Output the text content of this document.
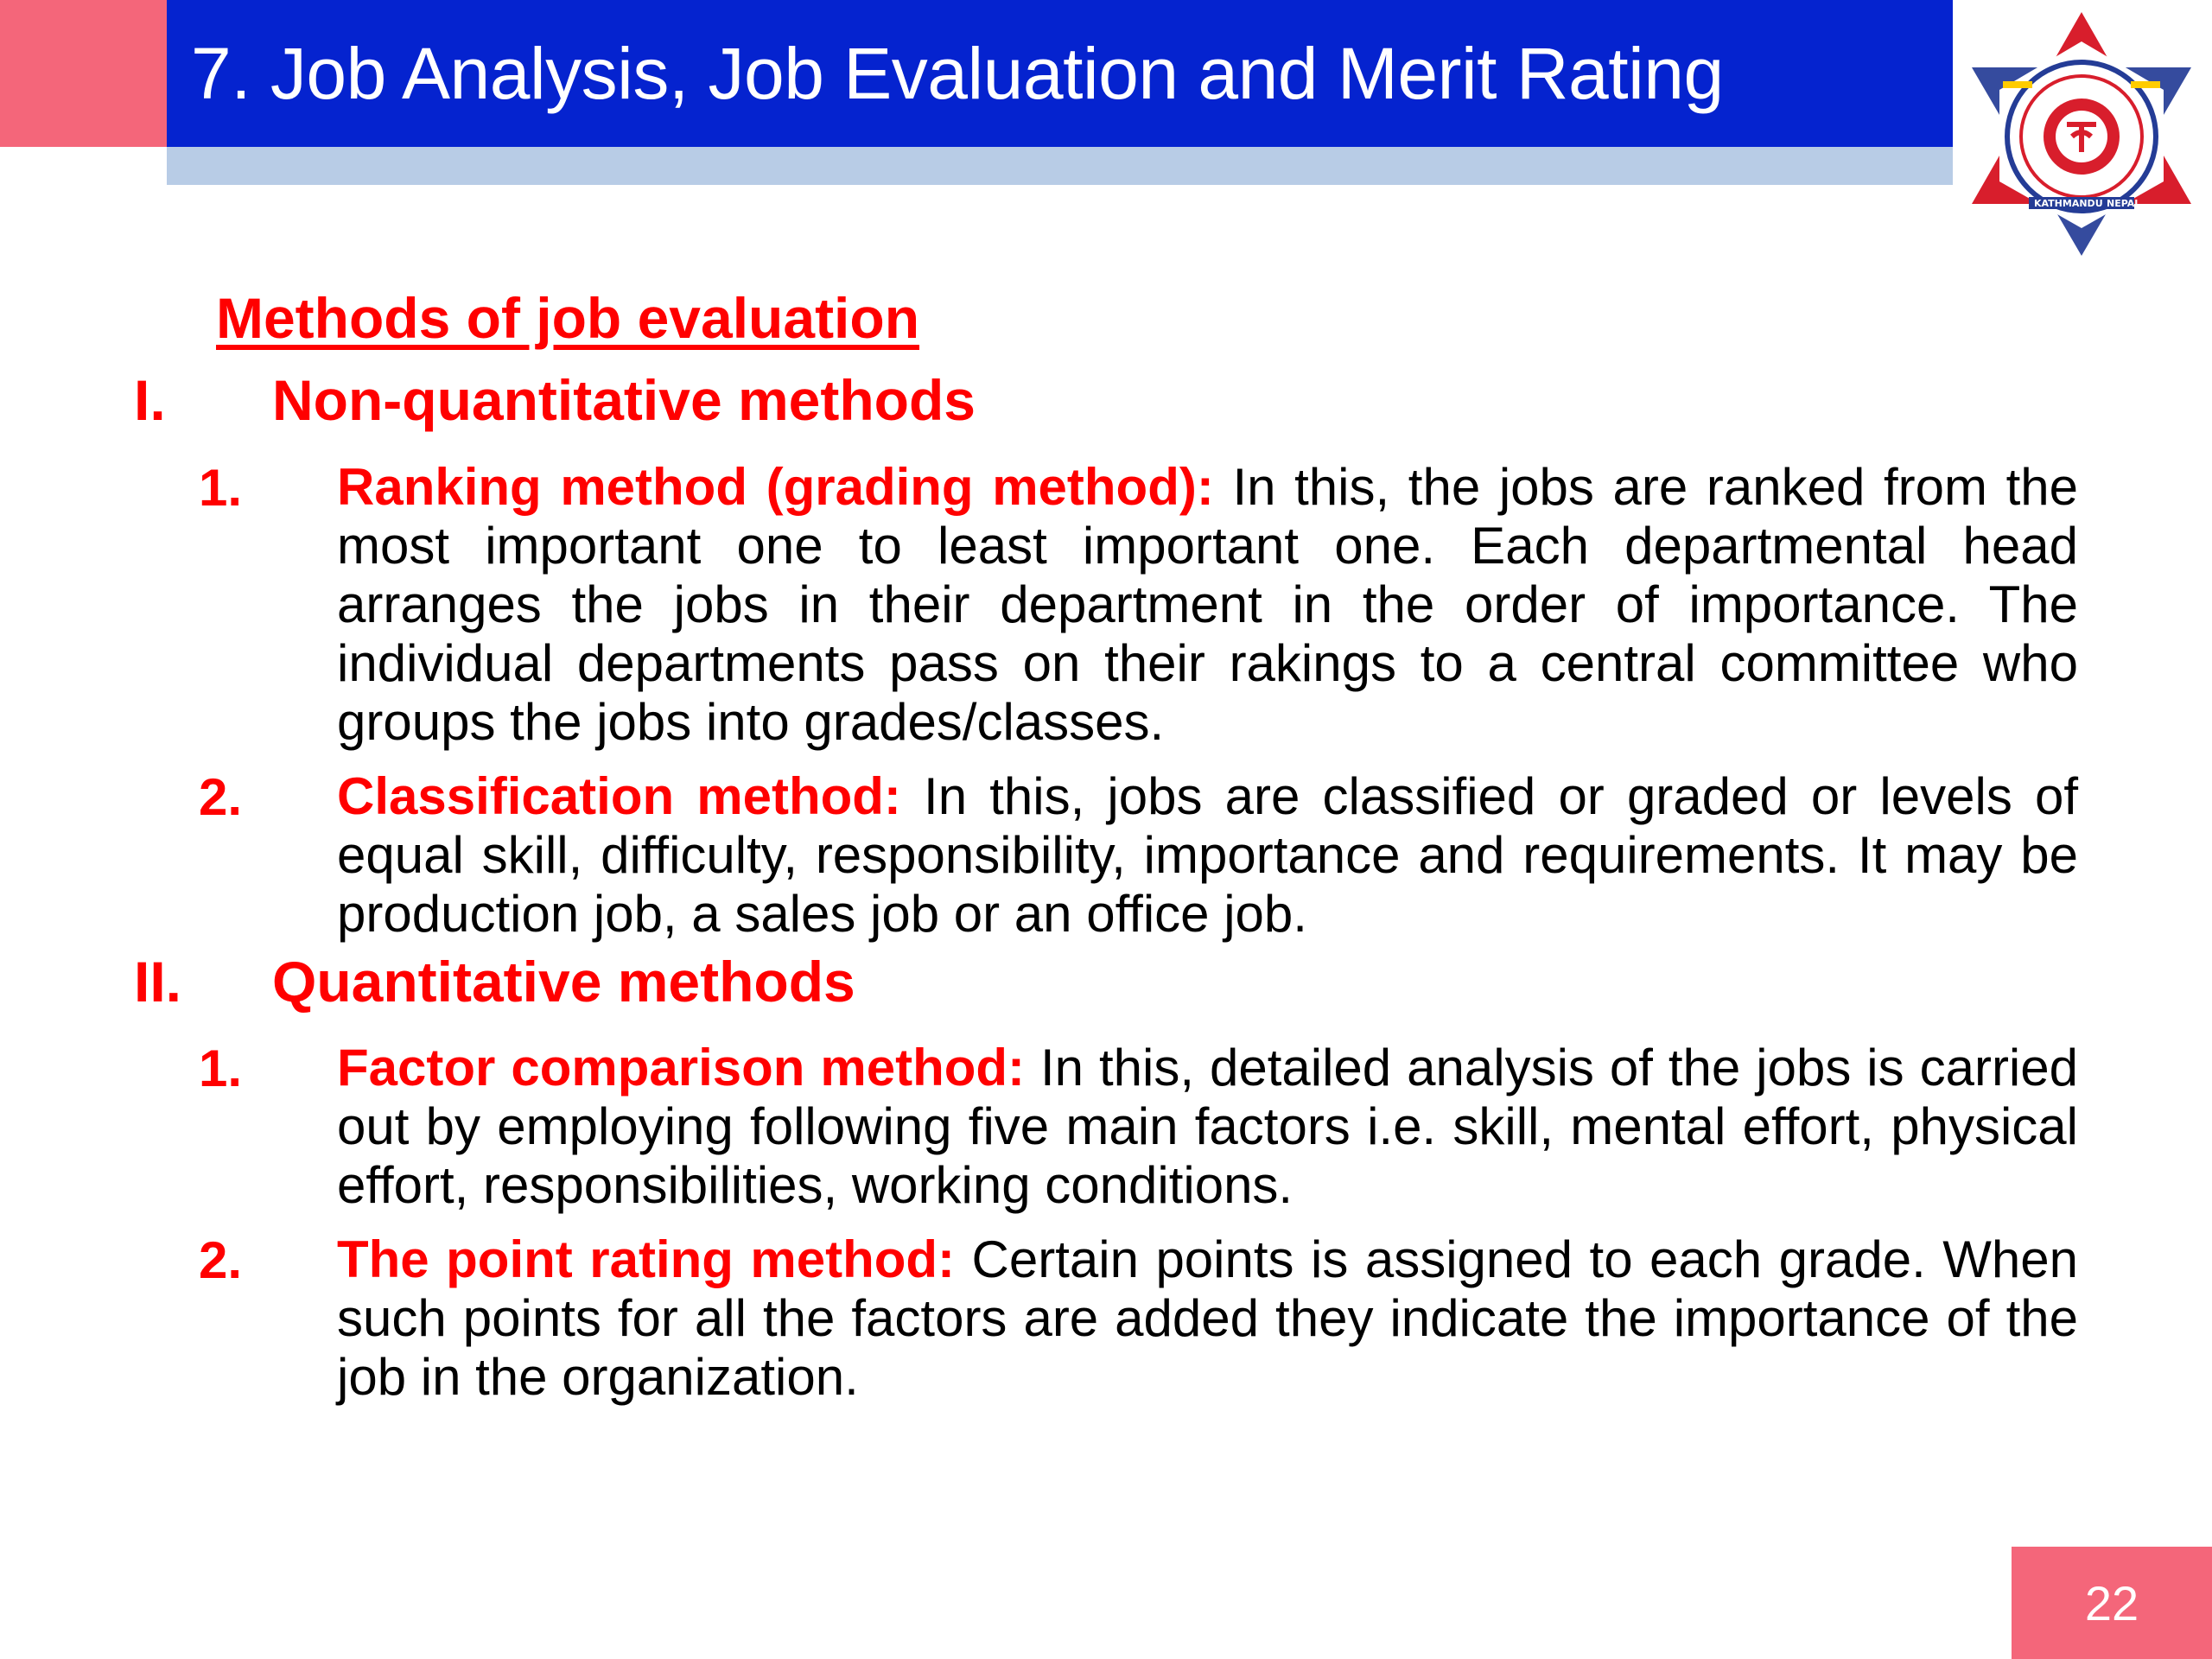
7. Job Analysis, Job Evaluation and Merit Rating
KATHMANDU NEPAL
Methods of job evaluation
I. Non-quantitative methods
1. Ranking method (grading method): In this, the jobs are ranked from the most important one to least important one. Each departmental head arranges the jobs in their department in the order of importance. The individual departments pass on their rakings to a central committee who groups the jobs into grades/classes.
2. Classification method: In this, jobs are classified or graded or levels of equal skill, difficulty, responsibility, importance and requirements. It may be production job, a sales job or an office job.
II. Quantitative methods
1. Factor comparison method: In this, detailed analysis of the jobs is carried out by employing following five main factors i.e. skill, mental effort, physical effort, responsibilities, working conditions.
2. The point rating method: Certain points is assigned to each grade. When such points for all the factors are added they indicate the importance of the job in the organization.
22
